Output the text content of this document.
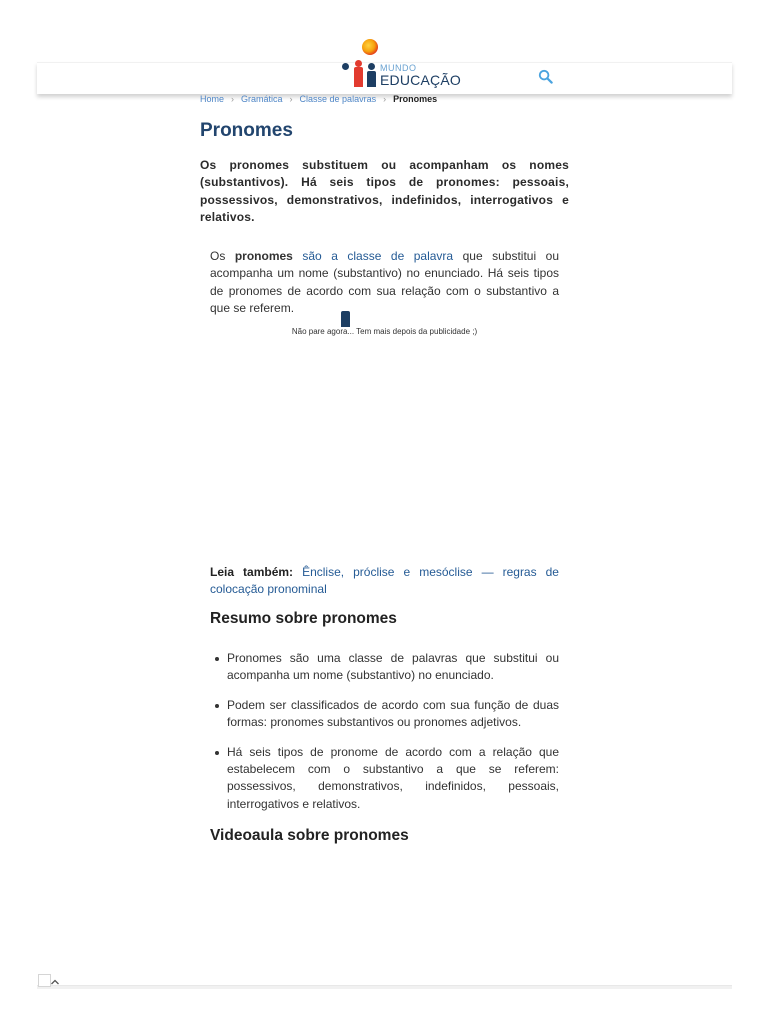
MUNDO
EDUCAÇÃO
Home › Gramática › Classe de palavras › Pronomes
Pronomes

Os pronomes substituem ou acompanham os nomes (substantivos). Há seis tipos de pronomes: pessoais, possessivos, demonstrativos, indefinidos, interrogativos e relativos.

Os pronomes são a classe de palavra que substitui ou acompanha um nome (substantivo) no enunciado. Há seis tipos de pronomes de acordo com sua relação com o substantivo a que se referem.

Não pare agora... Tem mais depois da publicidade ;)

Leia também: Ênclise, próclise e mesóclise — regras de colocação pronominal

Resumo sobre pronomes
Pronomes são uma classe de palavras que substitui ou acompanha um nome (substantivo) no enunciado.
Podem ser classificados de acordo com sua função de duas formas: pronomes substantivos ou pronomes adjetivos.
Há seis tipos de pronome de acordo com a relação que estabelecem com o substantivo a que se referem: possessivos, demonstrativos, indefinidos, pessoais, interrogativos e relativos.
Videoaula sobre pronomes
